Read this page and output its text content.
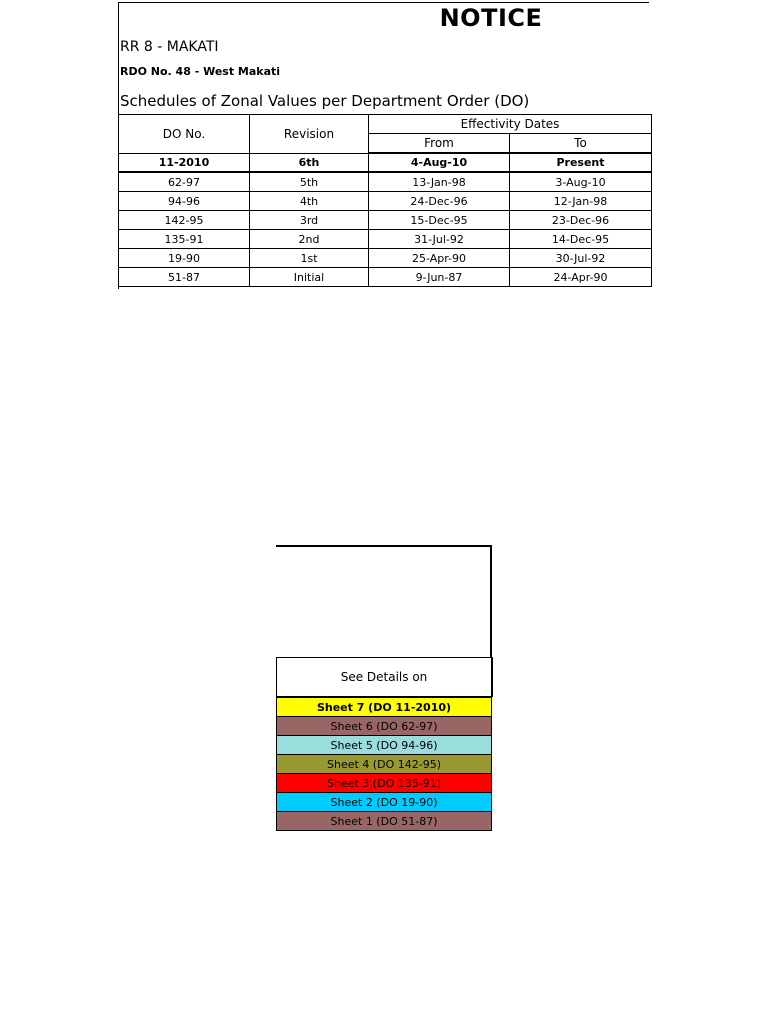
NOTICE
RR 8 - MAKATI
RDO No. 48 - West Makati
Schedules of Zonal Values per Department Order (DO)
DO No.	Revision	Effectivity Dates	
		From	To
11-2010	6th	4-Aug-10	Present
62-97	5th	13-Jan-98	3-Aug-10
94-96	4th	24-Dec-96	12-Jan-98
142-95	3rd	15-Dec-95	23-Dec-96
135-91	2nd	31-Jul-92	14-Dec-95
19-90	1st	25-Apr-90	30-Jul-92
51-87	Initial	9-Jun-87	24-Apr-90
See Details on
Sheet 7 (DO 11-2010)
Sheet 6 (DO 62-97)
Sheet 5 (DO 94-96)
Sheet 4 (DO 142-95)
Sheet 3 (DO 135-91)
Sheet 2 (DO 19-90)
Sheet 1 (DO 51-87)
